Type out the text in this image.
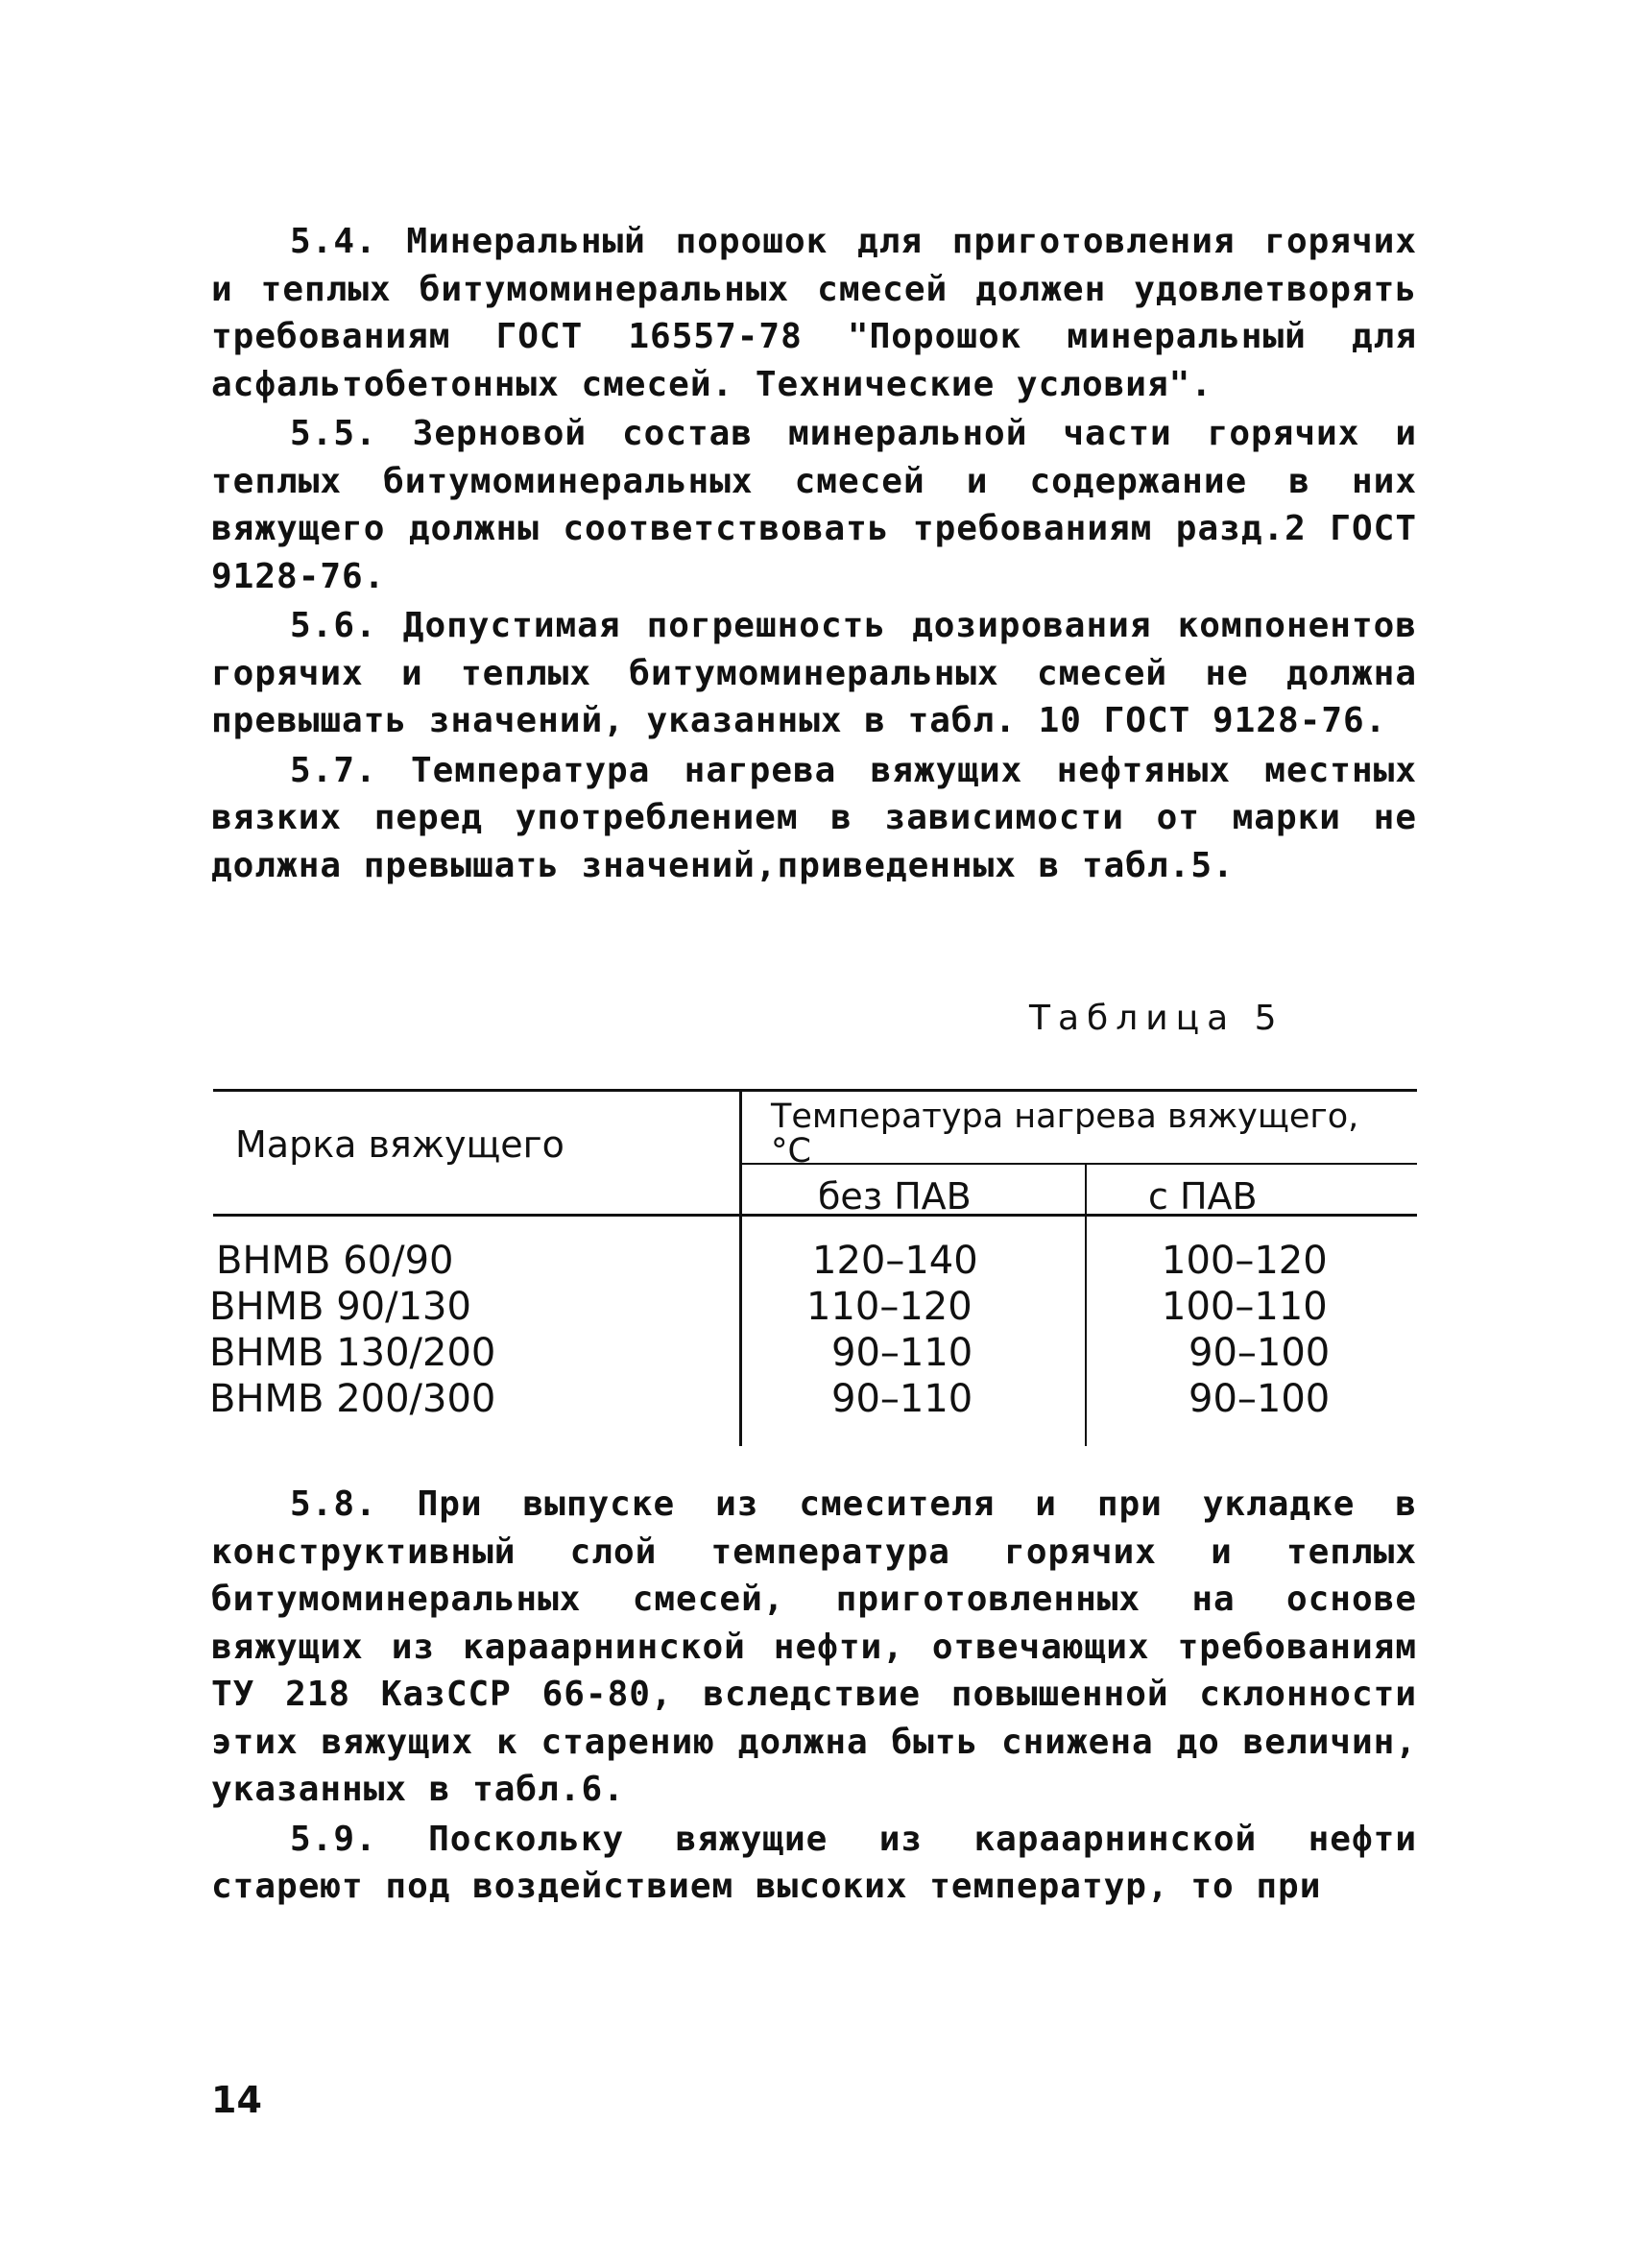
5.4. Минеральный порошок для приготовления горячих и теплых битумоминеральных смесей должен удовлетворять требованиям ГОСТ 16557-78 "Порошок минеральный для асфальтобетонных смесей. Технические условия".

5.5. Зерновой состав минеральной части горячих и теплых битумоминеральных смесей и содержание в них вяжущего должны соответствовать требованиям разд.2 ГОСТ 9128-76.

5.6. Допустимая погрешность дозирования компонентов горячих и теплых битумоминеральных смесей не должна превышать значений, указанных в табл. 10 ГОСТ 9128-76.

5.7. Температура нагрева вяжущих нефтяных местных вязких перед употреблением в зависимости от марки не должна превышать значений,приведенных в табл.5.

Таблица 5
Марка вяжущего
Температура нагрева вяжущего, °С
без ПАВ	с ПАВ
ВНМВ 60/90	120–140	100–120
ВНМВ 90/130	110–120	100–110
ВНМВ 130/200	90–110	90–100
ВНМВ 200/300	90–110	90–100

5.8. При выпуске из смесителя и при укладке в конструктивный слой температура горячих и теплых битумоминеральных смесей, приготовленных на основе вяжущих из караарнинской нефти, отвечающих требованиям ТУ 218 КазССР 66-80, вследствие повышенной склонности этих вяжущих к старению должна быть снижена до величин, указанных в табл.6.

5.9. Поскольку вяжущие из караарнинской нефти стареют под воздействием высоких температур, то при

14
